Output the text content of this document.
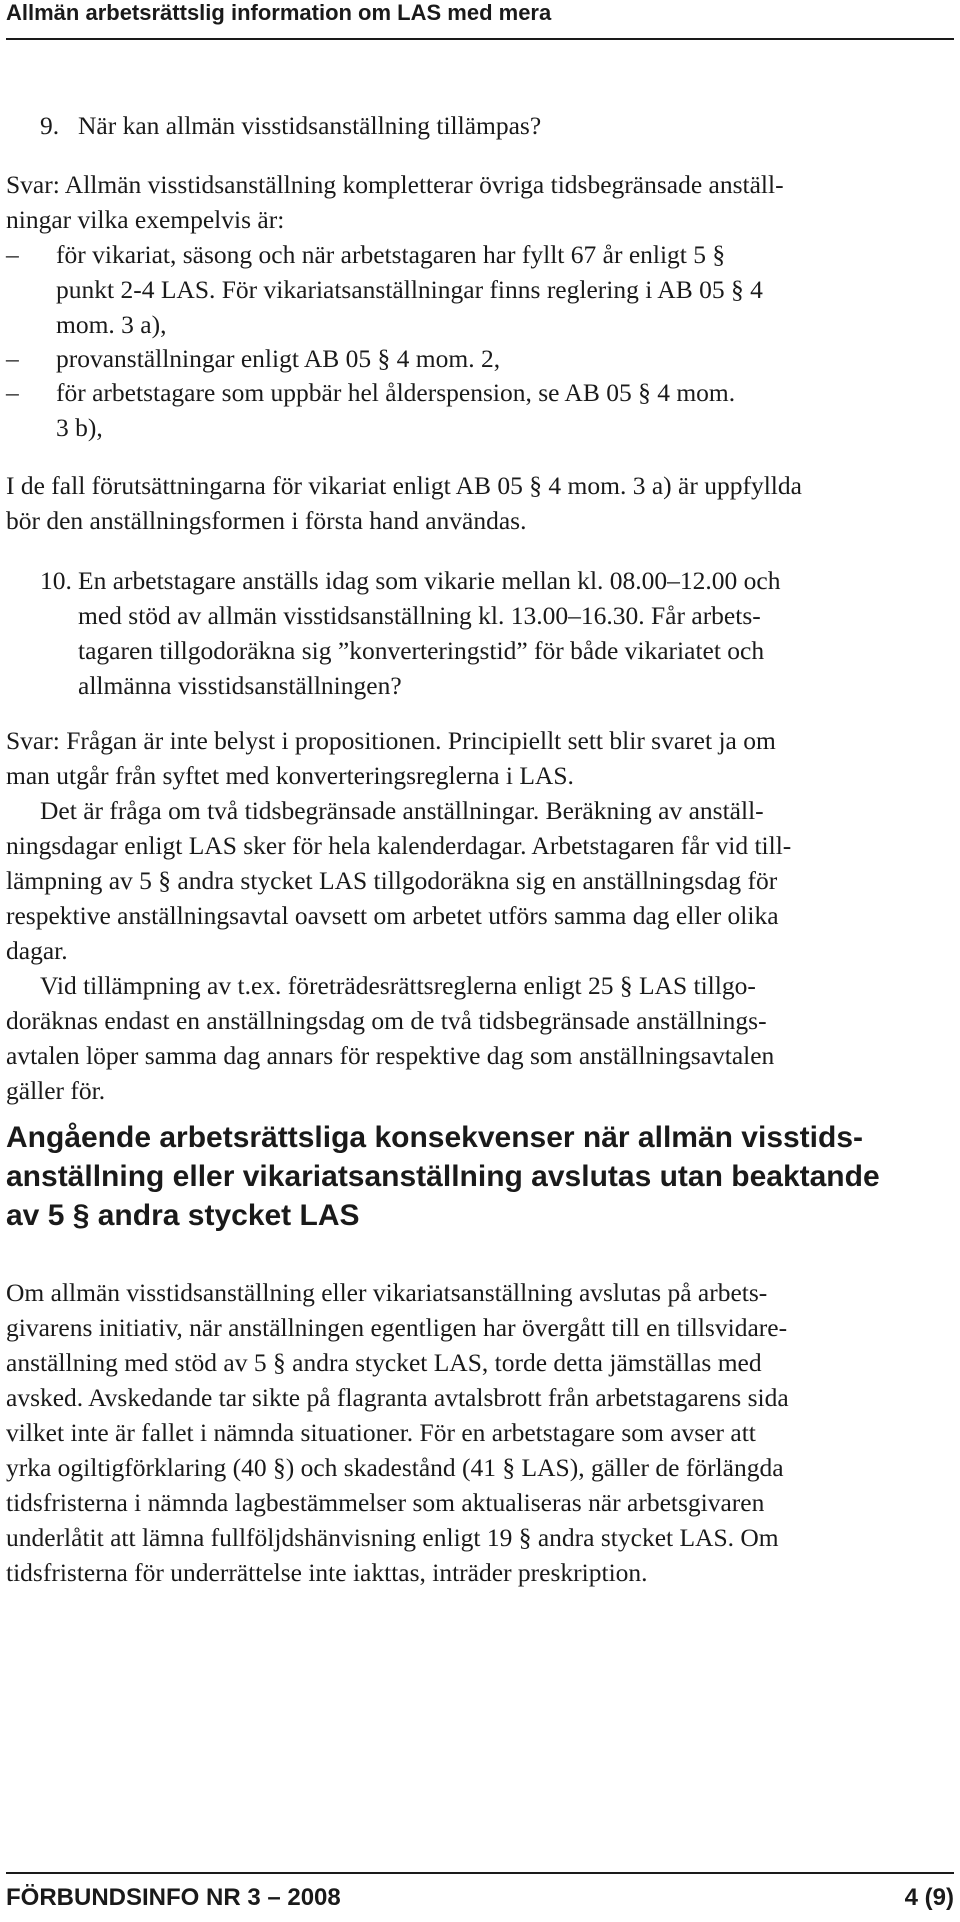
Allmän arbetsrättslig information om LAS med mera
9. När kan allmän visstidsanställning tillämpas?
Svar: Allmän visstidsanställning kompletterar övriga tidsbegränsade anställ-
ningar vilka exempelvis är:
– för vikariat, säsong och när arbetstagaren har fyllt 67 år enligt 5 §
punkt 2-4 LAS. För vikariatsanställningar finns reglering i AB 05 § 4
mom. 3 a),
– provanställningar enligt AB 05 § 4 mom. 2,
– för arbetstagare som uppbär hel ålderspension, se AB 05 § 4 mom.
3 b),
I de fall förutsättningarna för vikariat enligt AB 05 § 4 mom. 3 a) är uppfyllda
bör den anställningsformen i första hand användas.
10. En arbetstagare anställs idag som vikarie mellan kl. 08.00–12.00 och
med stöd av allmän visstidsanställning kl. 13.00–16.30. Får arbets-
tagaren tillgodoräkna sig ”konverteringstid” för både vikariatet och
allmänna visstidsanställningen?
Svar: Frågan är inte belyst i propositionen. Principiellt sett blir svaret ja om
man utgår från syftet med konverteringsreglerna i LAS.
Det är fråga om två tidsbegränsade anställningar. Beräkning av anställ-
ningsdagar enligt LAS sker för hela kalenderdagar. Arbetstagaren får vid till-
lämpning av 5 § andra stycket LAS tillgodoräkna sig en anställningsdag för
respektive anställningsavtal oavsett om arbetet utförs samma dag eller olika
dagar.
Vid tillämpning av t.ex. företrädesrättsreglerna enligt 25 § LAS tillgo-
doräknas endast en anställningsdag om de två tidsbegränsade anställnings-
avtalen löper samma dag annars för respektive dag som anställningsavtalen
gäller för.
Angående arbetsrättsliga konsekvenser när allmän visstids-
anställning eller vikariatsanställning avslutas utan beaktande
av 5 § andra stycket LAS
Om allmän visstidsanställning eller vikariatsanställning avslutas på arbets-
givarens initiativ, när anställningen egentligen har övergått till en tillsvidare-
anställning med stöd av 5 § andra stycket LAS, torde detta jämställas med
avsked. Avskedande tar sikte på flagranta avtalsbrott från arbetstagarens sida
vilket inte är fallet i nämnda situationer. För en arbetstagare som avser att
yrka ogiltigförklaring (40 §) och skadestånd (41 § LAS), gäller de förlängda
tidsfristerna i nämnda lagbestämmelser som aktualiseras när arbetsgivaren
underlåtit att lämna fullföljdshänvisning enligt 19 § andra stycket LAS. Om
tidsfristerna för underrättelse inte iakttas, inträder preskription.
FÖRBUNDSINFO NR 3 – 2008	4 (9)
